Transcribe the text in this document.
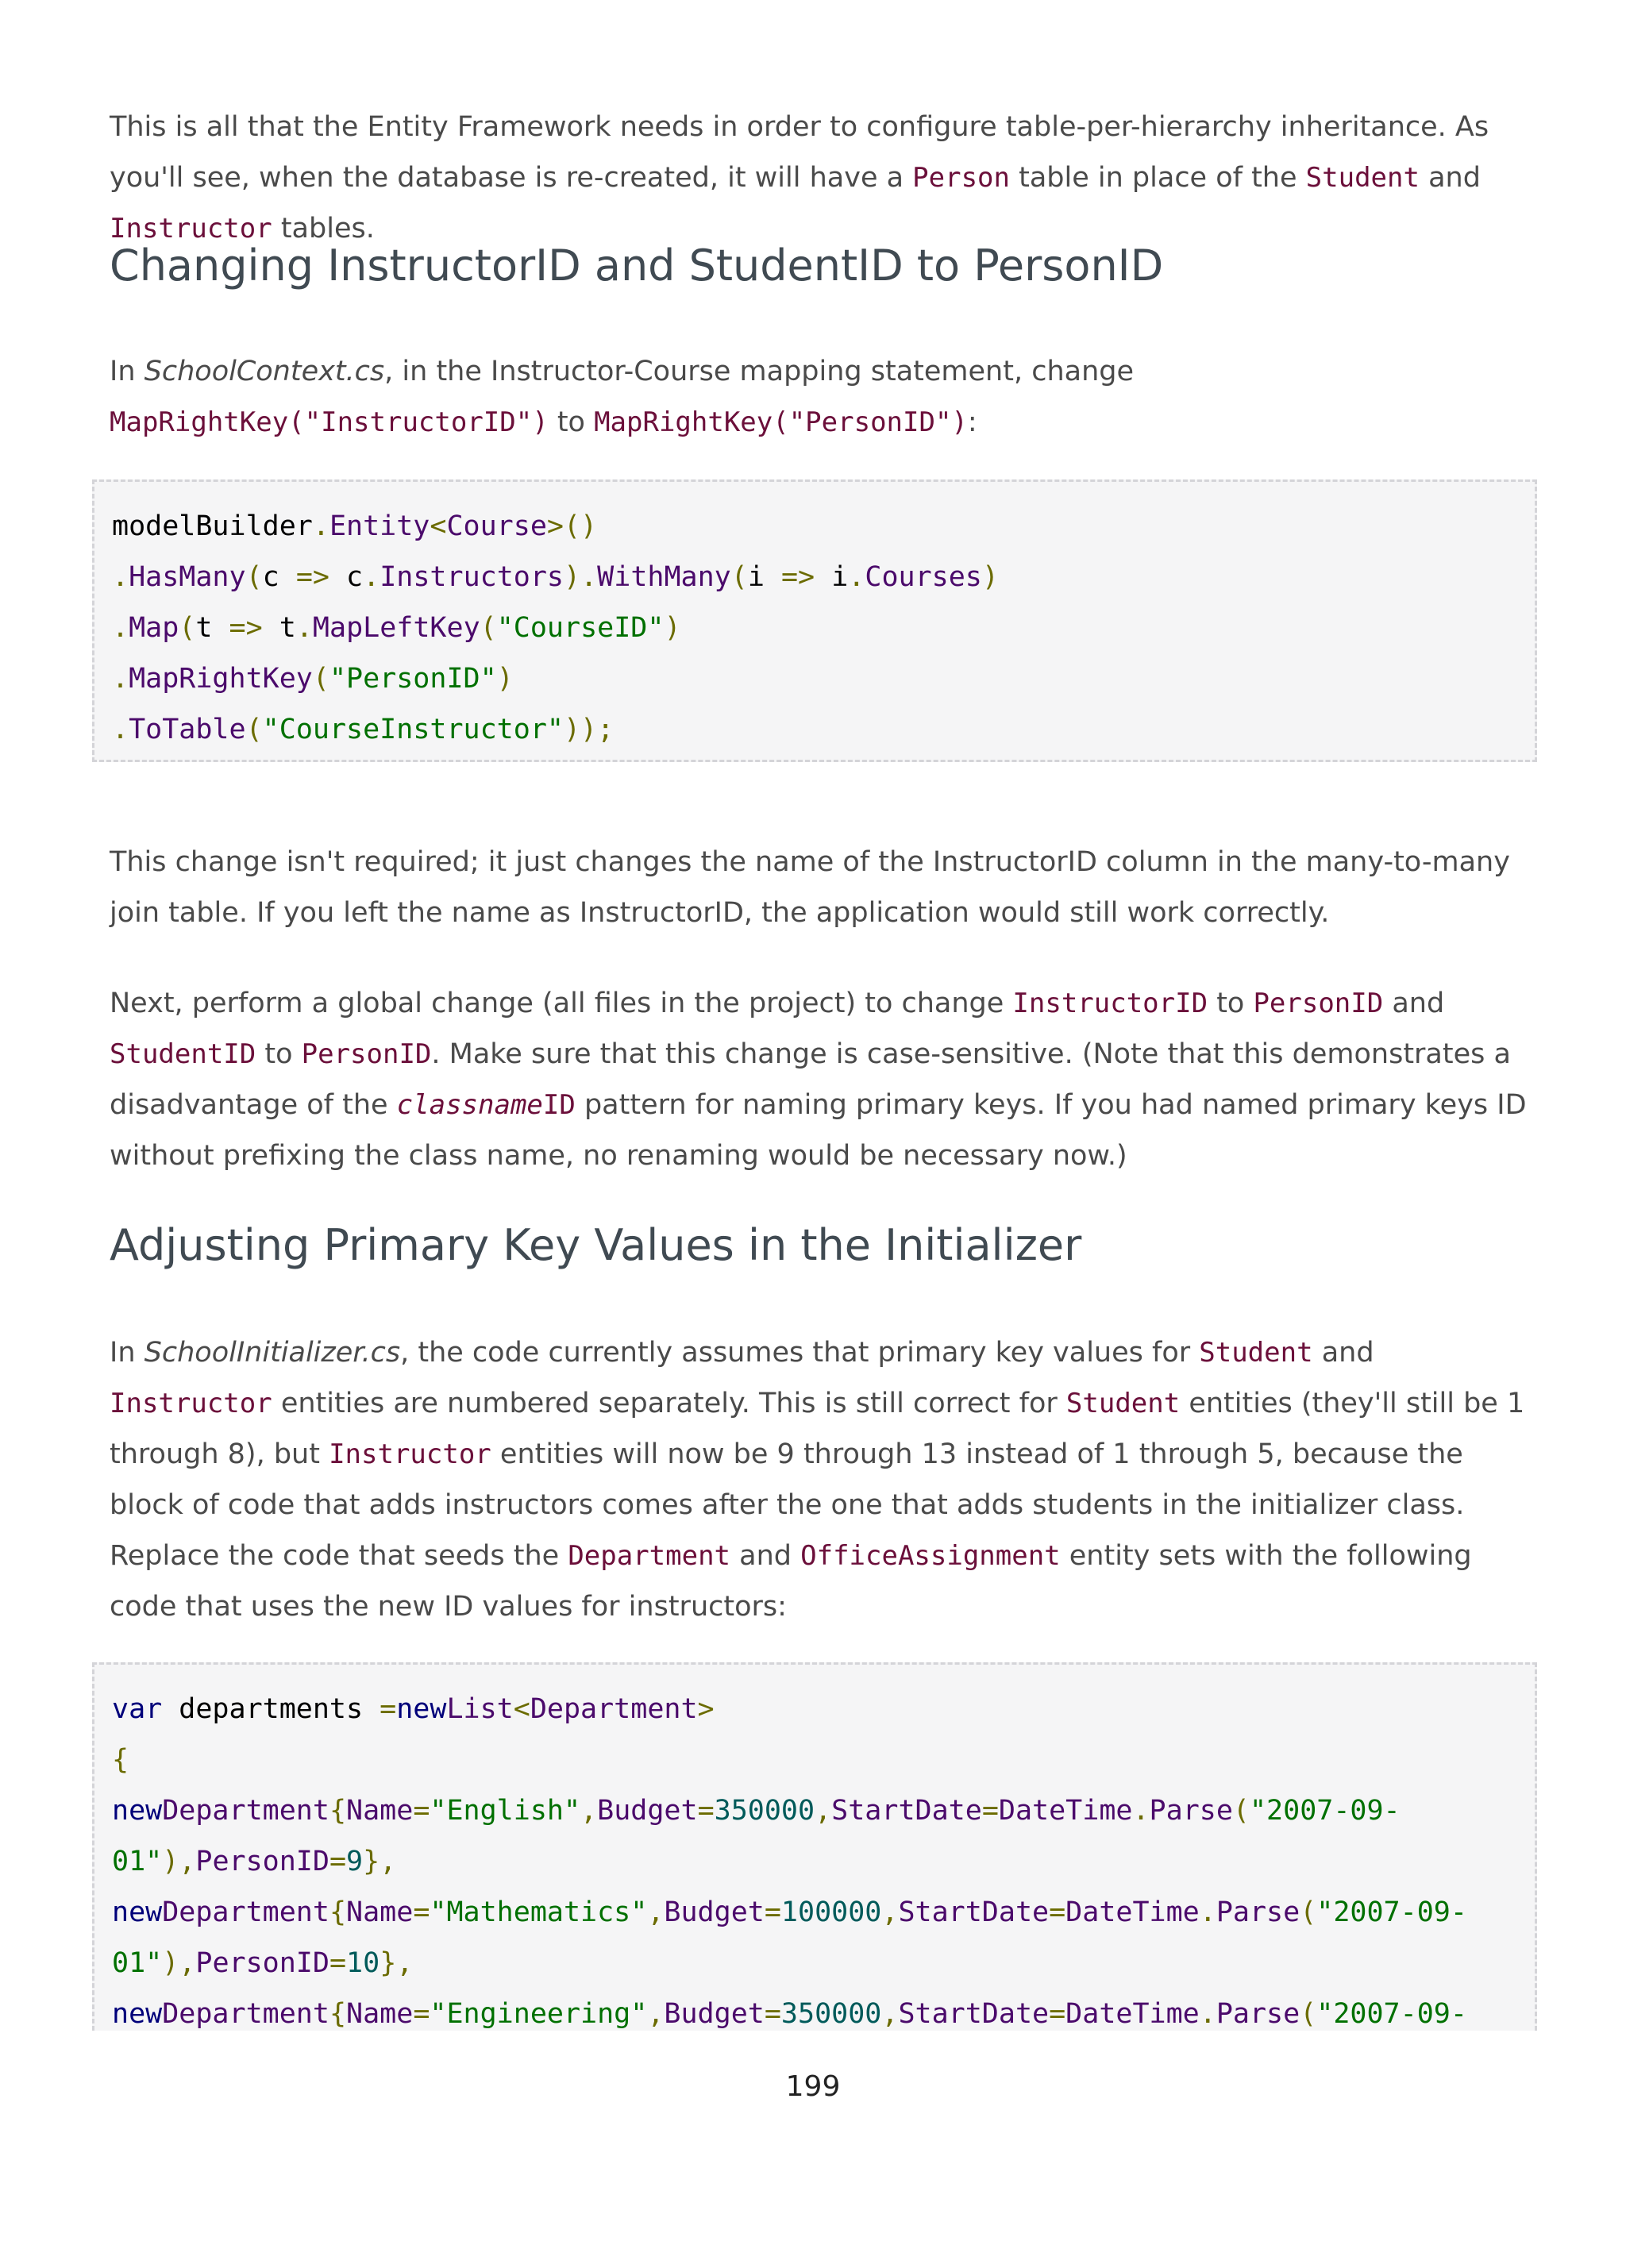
This is all that the Entity Framework needs in order to configure table-per-hierarchy inheritance. As you'll see, when the database is re-created, it will have a Person table in place of the Student and Instructor tables.

Changing InstructorID and StudentID to PersonID

In SchoolContext.cs, in the Instructor-Course mapping statement, change MapRightKey("InstructorID") to MapRightKey("PersonID"):

modelBuilder.Entity<Course>()
.HasMany(c => c.Instructors).WithMany(i => i.Courses)
.Map(t => t.MapLeftKey("CourseID")
.MapRightKey("PersonID")
.ToTable("CourseInstructor"));

This change isn't required; it just changes the name of the InstructorID column in the many-to-many join table. If you left the name as InstructorID, the application would still work correctly.

Next, perform a global change (all files in the project) to change InstructorID to PersonID and StudentID to PersonID. Make sure that this change is case-sensitive. (Note that this demonstrates a disadvantage of the classnameID pattern for naming primary keys. If you had named primary keys ID without prefixing the class name, no renaming would be necessary now.)

Adjusting Primary Key Values in the Initializer

In SchoolInitializer.cs, the code currently assumes that primary key values for Student and Instructor entities are numbered separately. This is still correct for Student entities (they'll still be 1 through 8), but Instructor entities will now be 9 through 13 instead of 1 through 5, because the block of code that adds instructors comes after the one that adds students in the initializer class. Replace the code that seeds the Department and OfficeAssignment entity sets with the following code that uses the new ID values for instructors:

var departments =newList<Department>
{
newDepartment{Name="English",Budget=350000,StartDate=DateTime.Parse("2007-09-
01"),PersonID=9},
newDepartment{Name="Mathematics",Budget=100000,StartDate=DateTime.Parse("2007-09-
01"),PersonID=10},
newDepartment{Name="Engineering",Budget=350000,StartDate=DateTime.Parse("2007-09-
199
